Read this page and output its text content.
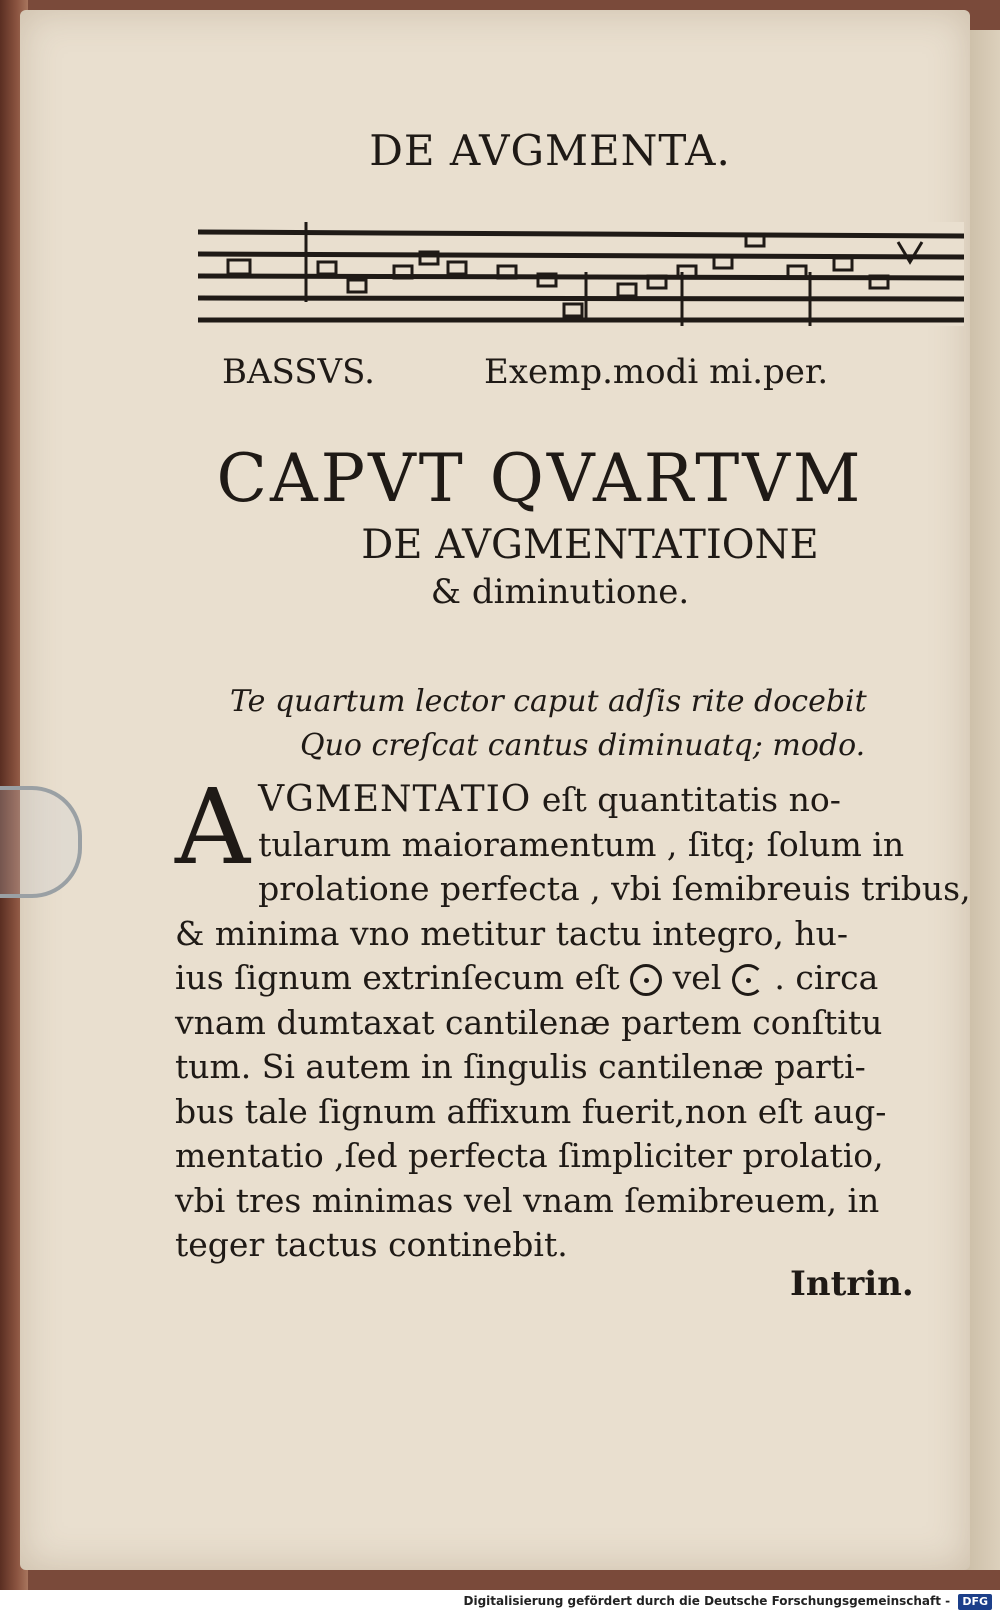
DE AVGMENTA.
BASSVS.	Exemp.modi mi.per.
CAPVT QVARTVM
DE AVGMENTATIONE
& diminutione.
Te quartum lector caput adſis rite docebit
Quo creſcat cantus diminuatq; modo.
A VGMENTATIO eſt quantitatis no-
tularum maioramentum , ſitq; ſolum in
prolatione perfecta , vbi ſemibreuis tribus,
& minima vno metitur tactu integro, hu-
ius ſignum extrinſecum eſt  vel  . circa
vnam dumtaxat cantilenæ partem conſtitu
tum. Si autem in ſingulis cantilenæ parti-
bus tale ſignum affixum fuerit,non eſt aug-
mentatio ,ſed perfecta ſimpliciter prolatio,
vbi tres minimas vel vnam ſemibreuem, in
teger tactus continebit.
Intrin.
Digitalisierung gefördert durch die Deutsche Forschungsgemeinschaft - DFG
